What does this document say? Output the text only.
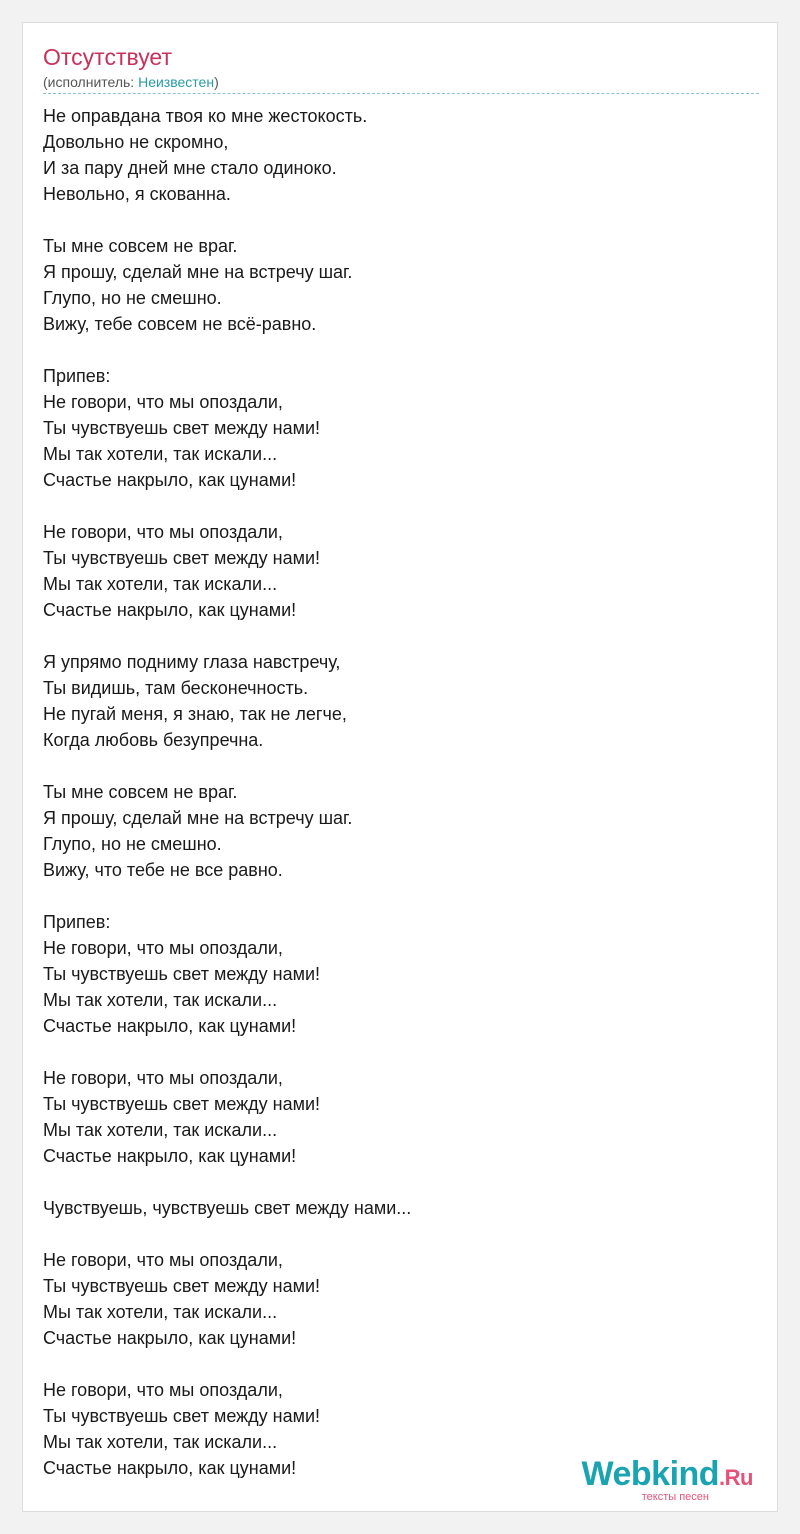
Отсутствует
(исполнитель: Неизвестен)
Не оправдана твоя ко мне жестокость.
Довольно не скромно,
И за пару дней мне стало одиноко.
Невольно, я скованна.
Ты мне совсем не враг.
Я прошу, сделай мне на встречу шаг.
Глупо, но не смешно.
Вижу, тебе совсем не всё-равно.
Припев:
Не говори, что мы опоздали,
Ты чувствуешь свет между нами!
Мы так хотели, так искали...
Счастье накрыло, как цунами!
Не говори, что мы опоздали,
Ты чувствуешь свет между нами!
Мы так хотели, так искали...
Счастье накрыло, как цунами!
Я упрямо подниму глаза навстречу,
Ты видишь, там бесконечность.
Не пугай меня, я знаю, так не легче,
Когда любовь безупречна.
Ты мне совсем не враг.
Я прошу, сделай мне на встречу шаг.
Глупо, но не смешно.
Вижу, что тебе не все равно.
Припев:
Не говори, что мы опоздали,
Ты чувствуешь свет между нами!
Мы так хотели, так искали...
Счастье накрыло, как цунами!
Не говори, что мы опоздали,
Ты чувствуешь свет между нами!
Мы так хотели, так искали...
Счастье накрыло, как цунами!
Чувствуешь, чувствуешь свет между нами...
Не говори, что мы опоздали,
Ты чувствуешь свет между нами!
Мы так хотели, так искали...
Счастье накрыло, как цунами!
Не говори, что мы опоздали,
Ты чувствуешь свет между нами!
Мы так хотели, так искали...
Счастье накрыло, как цунами!	Webkind.Ru
тексты песен
